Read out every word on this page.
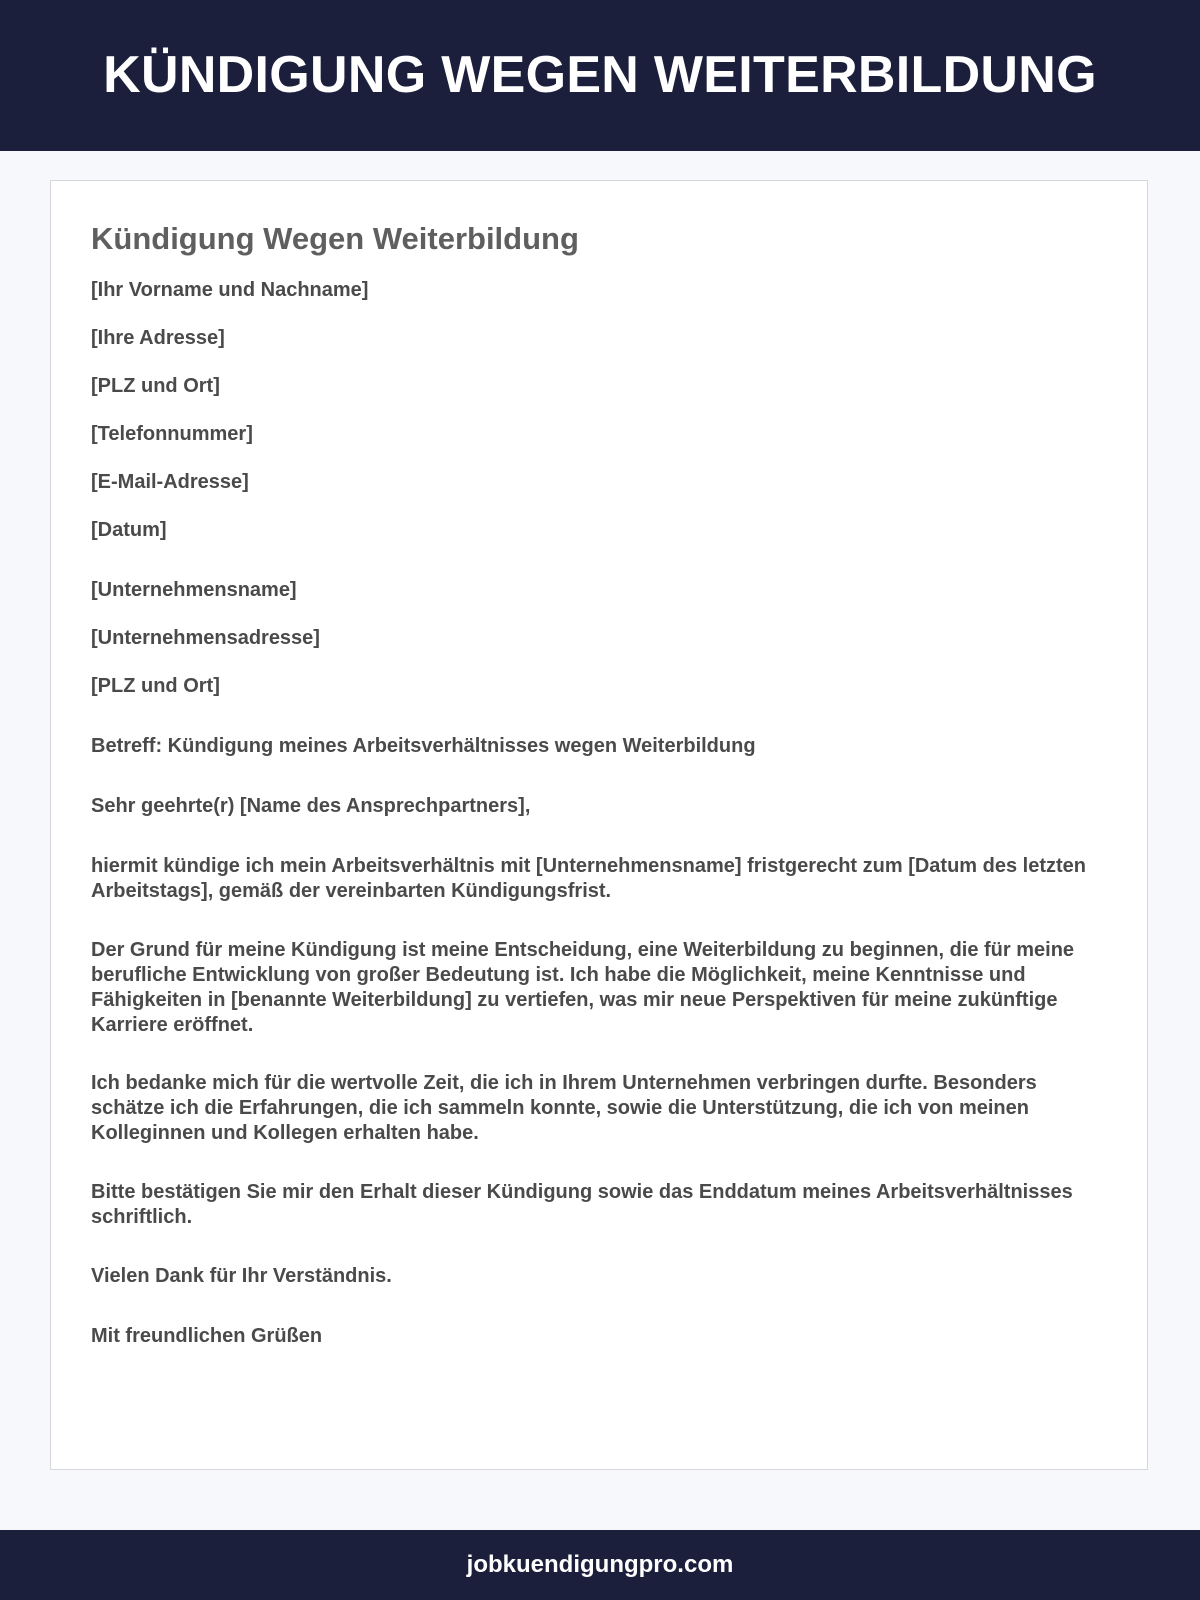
KÜNDIGUNG WEGEN WEITERBILDUNG
Kündigung Wegen Weiterbildung

[Ihr Vorname und Nachname]

[Ihre Adresse]

[PLZ und Ort]

[Telefonnummer]

[E-Mail-Adresse]

[Datum]

[Unternehmensname]

[Unternehmensadresse]

[PLZ und Ort]

Betreff: Kündigung meines Arbeitsverhältnisses wegen Weiterbildung

Sehr geehrte(r) [Name des Ansprechpartners],

hiermit kündige ich mein Arbeitsverhältnis mit [Unternehmensname] fristgerecht zum [Datum des letzten Arbeitstags], gemäß der vereinbarten Kündigungsfrist.

Der Grund für meine Kündigung ist meine Entscheidung, eine Weiterbildung zu beginnen, die für meine berufliche Entwicklung von großer Bedeutung ist. Ich habe die Möglichkeit, meine Kenntnisse und Fähigkeiten in [benannte Weiterbildung] zu vertiefen, was mir neue Perspektiven für meine zukünftige Karriere eröffnet.

Ich bedanke mich für die wertvolle Zeit, die ich in Ihrem Unternehmen verbringen durfte. Besonders schätze ich die Erfahrungen, die ich sammeln konnte, sowie die Unterstützung, die ich von meinen Kolleginnen und Kollegen erhalten habe.

Bitte bestätigen Sie mir den Erhalt dieser Kündigung sowie das Enddatum meines Arbeitsverhältnisses schriftlich.

Vielen Dank für Ihr Verständnis.

Mit freundlichen Grüßen

jobkuendigungpro.com
